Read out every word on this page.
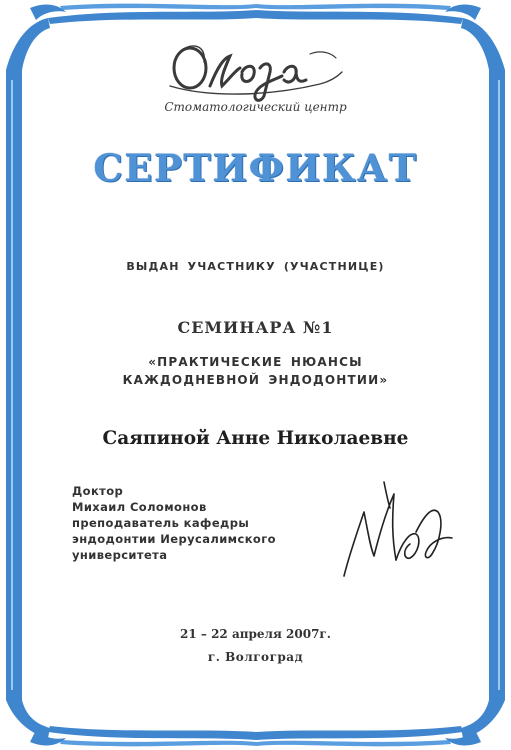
Стоматологический центр
СЕРТИФИКАТ
ВЫДАН УЧАСТНИКУ (УЧАСТНИЦЕ)
СЕМИНАРА №1
«ПРАКТИЧЕСКИЕ НЮАНСЫ
КАЖДОДНЕВНОЙ ЭНДОДОНТИИ»
Саяпиной Анне Николаевне
Доктор
Михаил Соломонов
преподаватель кафедры
эндодонтии Иерусалимского
университета
21 – 22 апреля 2007г.
г. Волгоград
